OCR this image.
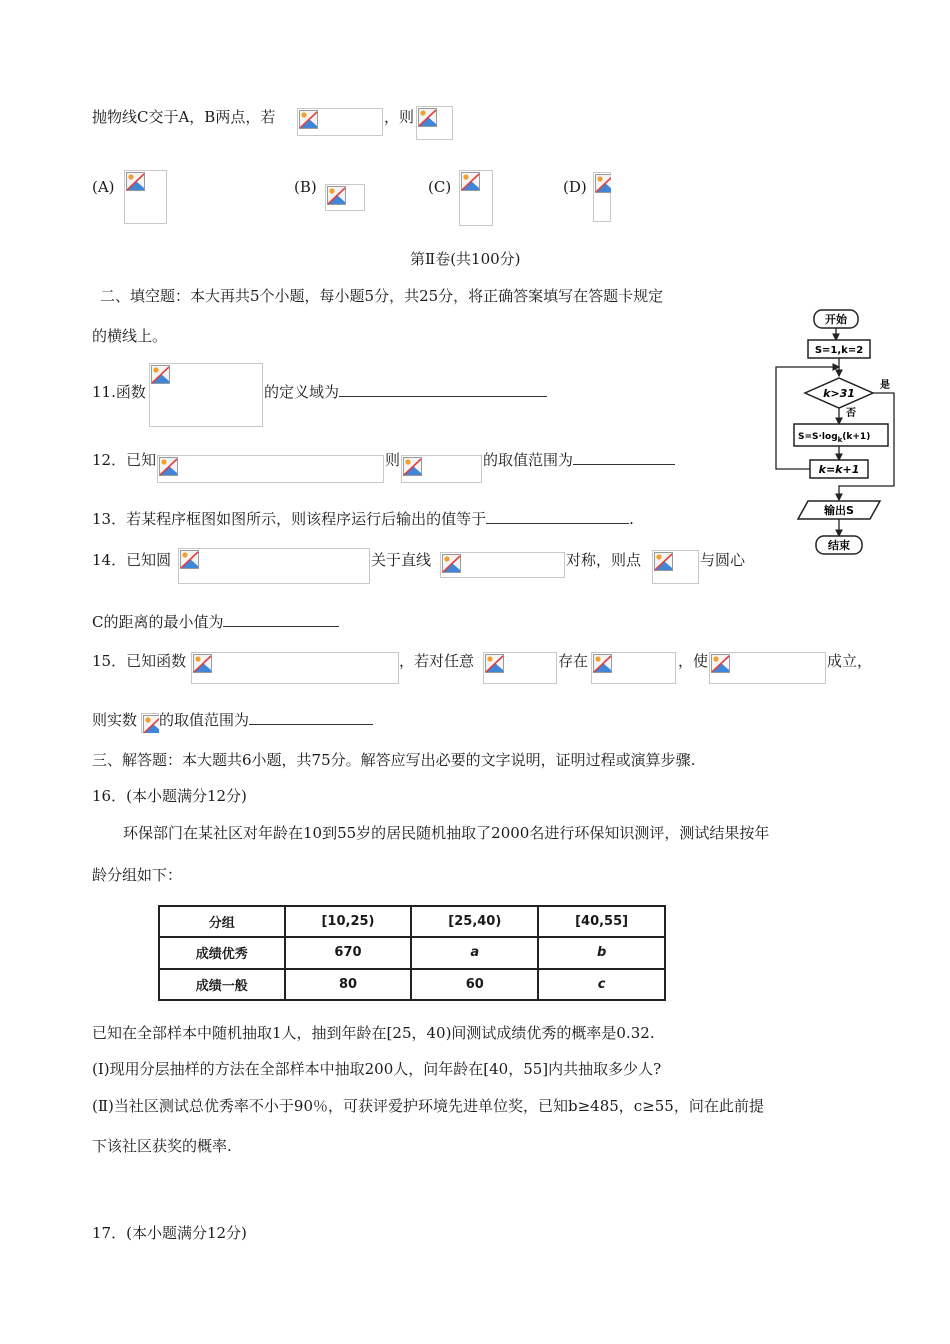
抛物线C交于A，B两点，若	，则
(A)	(B)	(C)	(D)
第Ⅱ卷(共100分)
二、填空题：本大再共5个小题，每小题5分，共25分，将正确答案填写在答题卡规定
的横线上。
11.函数	的定义域为
12．已知	则	的取值范围为
13．若某程序框图如图所示，则该程序运行后输出的值等于	.
14．已知圆	关于直线	对称，则点	与圆心
C的距离的最小值为
15．已知函数	，若对任意	存在	，使	成立，
则实数 的取值范围为
三、解答题：本大题共6小题，共75分。解答应写出必要的文字说明，证明过程或演算步骤.
16．(本小题满分12分)
环保部门在某社区对年龄在10到55岁的居民随机抽取了2000名进行环保知识测评，测试结果按年
龄分组如下：
分组	[10,25)	[25,40)	[40,55]
成绩优秀	670	a	b
成绩一般	80	60	c
已知在全部样本中随机抽取1人，抽到年龄在[25，40)间测试成绩优秀的概率是0.32.
(I)现用分层抽样的方法在全部样本中抽取200人，问年龄在[40，55]内共抽取多少人?
(Ⅱ)当社区测试总优秀率不小于90％，可获评爱护环境先进单位奖，已知b≥485，c≥55，问在此前提
下该社区获奖的概率.
17．(本小题满分12分)
开始
S=1,k=2
k>31
是
否
$S=S\cdot\log_k(k+1)$
k=k+1
输出S
结束
